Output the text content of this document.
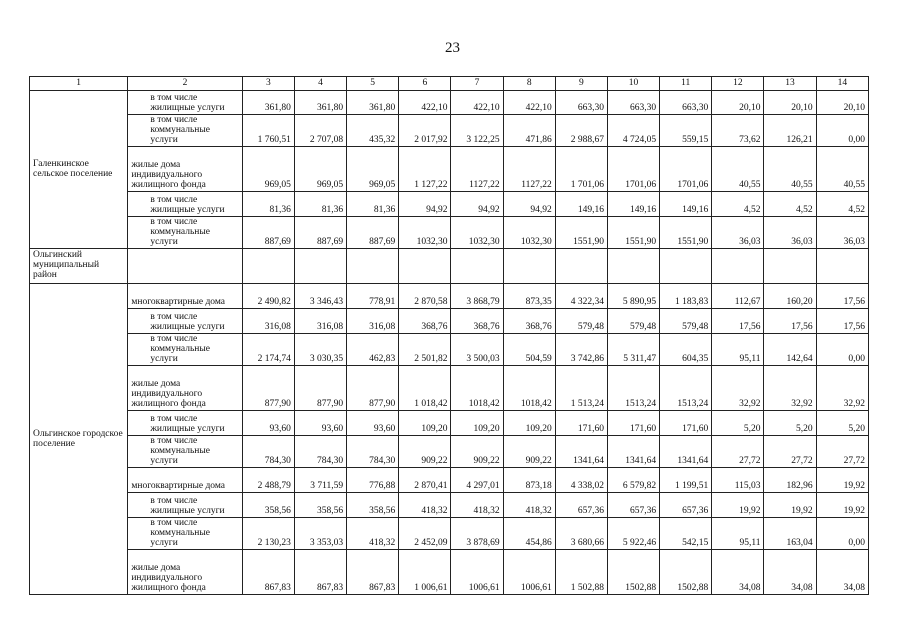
23
1	2	3	4	5	6	7	8	9	10	11	12	13	14
Галенкинское сельское поселение	в том числе жилищные услуги	361,80	361,80	361,80	422,10	422,10	422,10	663,30	663,30	663,30	20,10	20,10	20,10
	в том числе коммунальные услуги	1 760,51	2 707,08	435,32	2 017,92	3 122,25	471,86	2 988,67	4 724,05	559,15	73,62	126,21	0,00
	жилые дома индивидуального жилищного фонда	969,05	969,05	969,05	1 127,22	1127,22	1127,22	1 701,06	1701,06	1701,06	40,55	40,55	40,55
	в том числе жилищные услуги	81,36	81,36	81,36	94,92	94,92	94,92	149,16	149,16	149,16	4,52	4,52	4,52
	в том числе коммунальные услуги	887,69	887,69	887,69	1032,30	1032,30	1032,30	1551,90	1551,90	1551,90	36,03	36,03	36,03
Ольгинский муниципальный район													
Ольгинское городское поселение	многоквартирные дома	2 490,82	3 346,43	778,91	2 870,58	3 868,79	873,35	4 322,34	5 890,95	1 183,83	112,67	160,20	17,56
	в том числе жилищные услуги	316,08	316,08	316,08	368,76	368,76	368,76	579,48	579,48	579,48	17,56	17,56	17,56
	в том числе коммунальные услуги	2 174,74	3 030,35	462,83	2 501,82	3 500,03	504,59	3 742,86	5 311,47	604,35	95,11	142,64	0,00
	жилые дома индивидуального жилищного фонда	877,90	877,90	877,90	1 018,42	1018,42	1018,42	1 513,24	1513,24	1513,24	32,92	32,92	32,92
	в том числе жилищные услуги	93,60	93,60	93,60	109,20	109,20	109,20	171,60	171,60	171,60	5,20	5,20	5,20
	в том числе коммунальные услуги	784,30	784,30	784,30	909,22	909,22	909,22	1341,64	1341,64	1341,64	27,72	27,72	27,72
	многоквартирные дома	2 488,79	3 711,59	776,88	2 870,41	4 297,01	873,18	4 338,02	6 579,82	1 199,51	115,03	182,96	19,92
	в том числе жилищные услуги	358,56	358,56	358,56	418,32	418,32	418,32	657,36	657,36	657,36	19,92	19,92	19,92
	в том числе коммунальные услуги	2 130,23	3 353,03	418,32	2 452,09	3 878,69	454,86	3 680,66	5 922,46	542,15	95,11	163,04	0,00
	жилые дома индивидуального жилищного фонда	867,83	867,83	867,83	1 006,61	1006,61	1006,61	1 502,88	1502,88	1502,88	34,08	34,08	34,08
